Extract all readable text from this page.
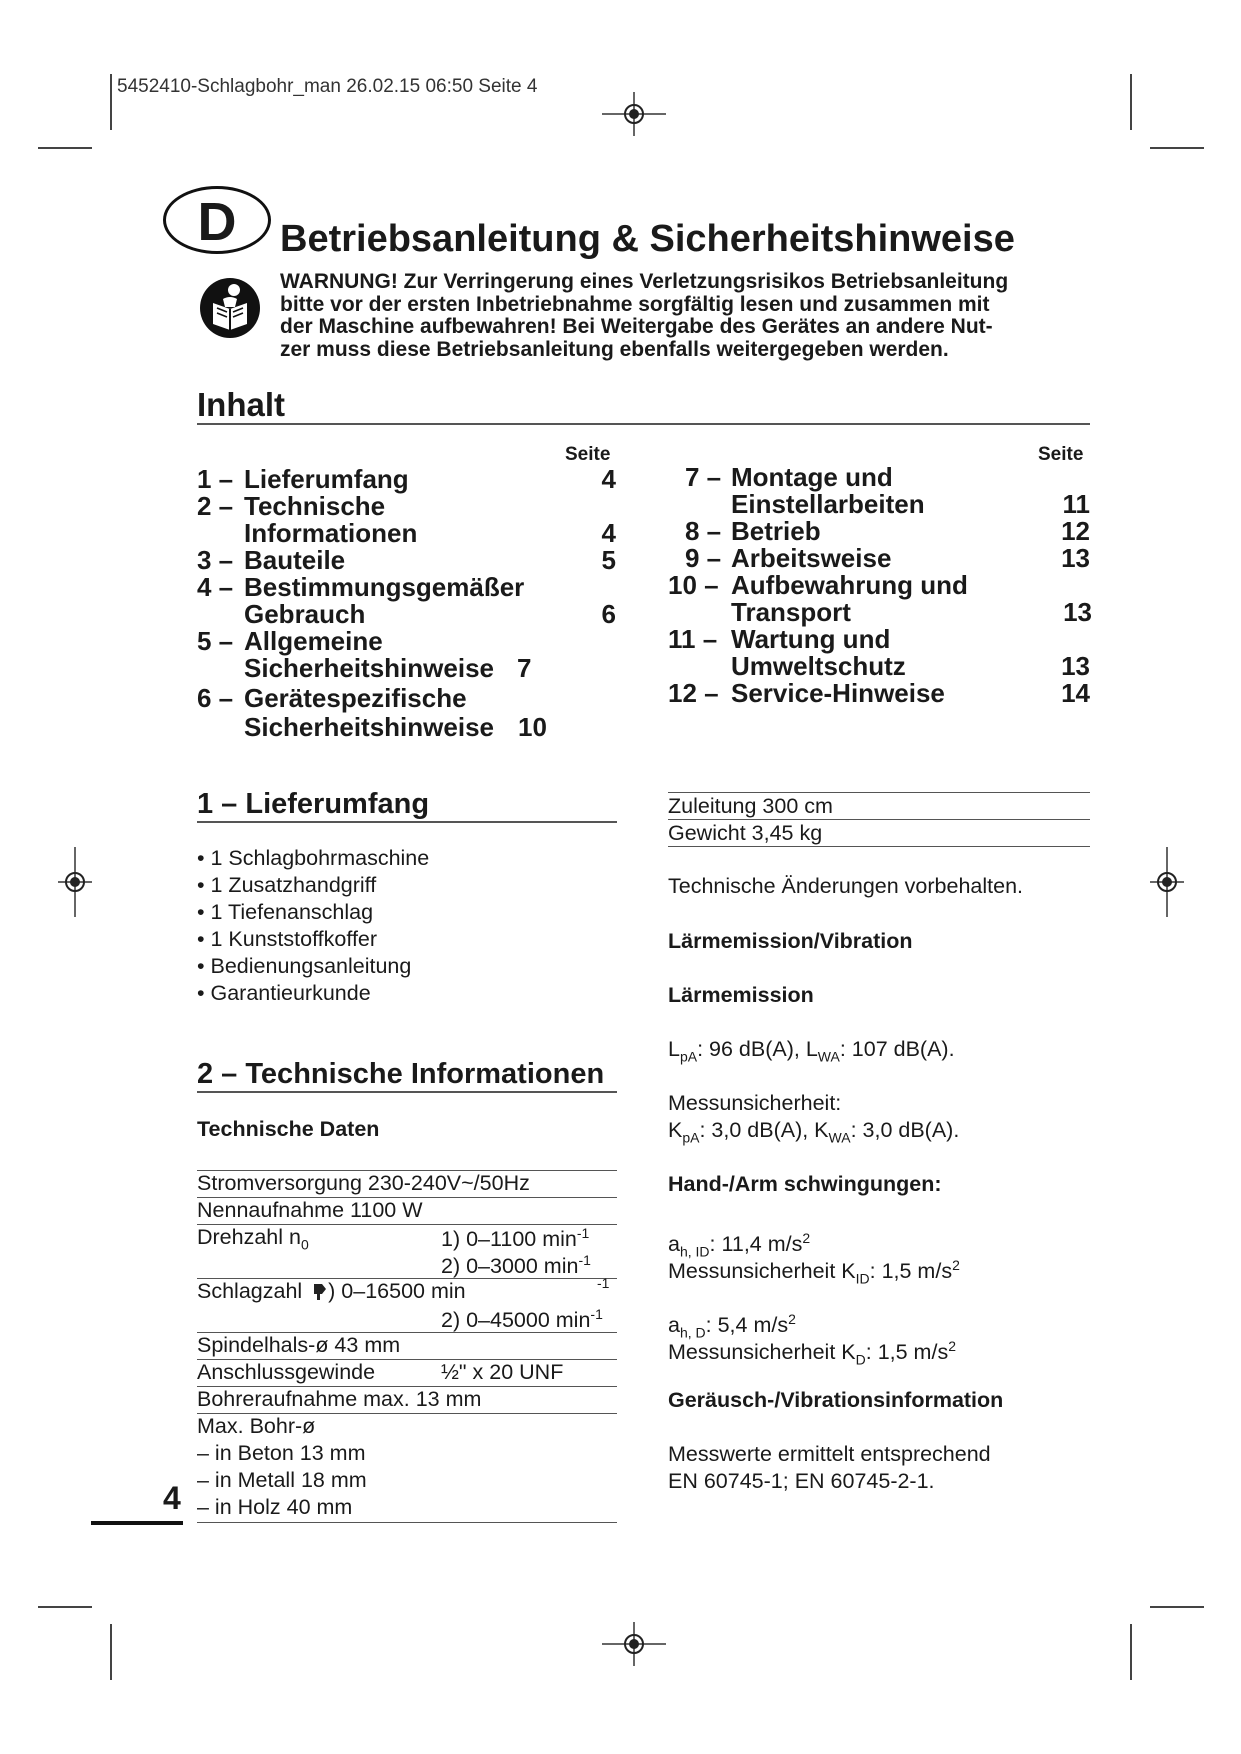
5452410-Schlagbohr_man 26.02.15 06:50 Seite 4
D	Betriebsanleitung & Sicherheitshinweise
WARNUNG! Zur Verringerung eines Verletzungsrisikos Betriebsanleitung
bitte vor der ersten Inbetriebnahme sorgfältig lesen und zusammen mit
der Maschine aufbewahren! Bei Weitergabe des Gerätes an andere Nut-
zer muss diese Betriebsanleitung ebenfalls weitergegeben werden.
Inhalt
Seite	Seite
1 – Lieferumfang	4
2 – Technische
Informationen	4
3 – Bauteile	5
4 – Bestimmungsgemäßer
Gebrauch	6
5 – Allgemeine
Sicherheitshinweise 7
6 – Gerätespezifische
Sicherheitshinweise 10
7 – Montage und
Einstellarbeiten	11
8 – Betrieb	12
9 – Arbeitsweise	13
10 – Aufbewahrung und
Transport	13
11 – Wartung und
Umweltschutz	13
12 – Service-Hinweise	14
1 – Lieferumfang
• 1 Schlagbohrmaschine
• 1 Zusatzhandgriff
• 1 Tiefenanschlag
• 1 Kunststoffkoffer
• Bedienungsanleitung
• Garantieurkunde
2 – Technische Informationen
Technische Daten
Stromversorgung 230-240V~/50Hz
Nennaufnahme 1100 W
Drehzahl $n_0$	1) 0–1100 $\min^{-1}$
2) 0–3000 $\min^{-1}$
Schlagzahl ) 0–16500 min	-1
2) 0–45000 $\min^{-1}$
Spindelhals-ø 43 mm
Anschlussgewinde	½" x 20 UNF
Bohreraufnahme max. 13 mm
Max. Bohr-ø
– in Beton 13 mm
– in Metall 18 mm
– in Holz 40 mm
4
Zuleitung 300 cm
Gewicht 3,45 kg
Technische Änderungen vorbehalten.
Lärmemission/Vibration
Lärmemission
$L_{pA}$: 96 dB(A), $L_{WA}$: 107 dB(A).
Messunsicherheit:
$K_{pA}$: 3,0 dB(A), $K_{WA}$: 3,0 dB(A).
Hand-/Arm schwingungen:
$a_{h, ID}$: 11,4 $m/s^2$
Messunsicherheit $K_{ID}$: 1,5 $m/s^2$
$a_{h, D}$: 5,4 $m/s^2$
Messunsicherheit $K_D$: 1,5 $m/s^2$
Geräusch-/Vibrationsinformation
Messwerte ermittelt entsprechend
EN 60745-1; EN 60745-2-1.
